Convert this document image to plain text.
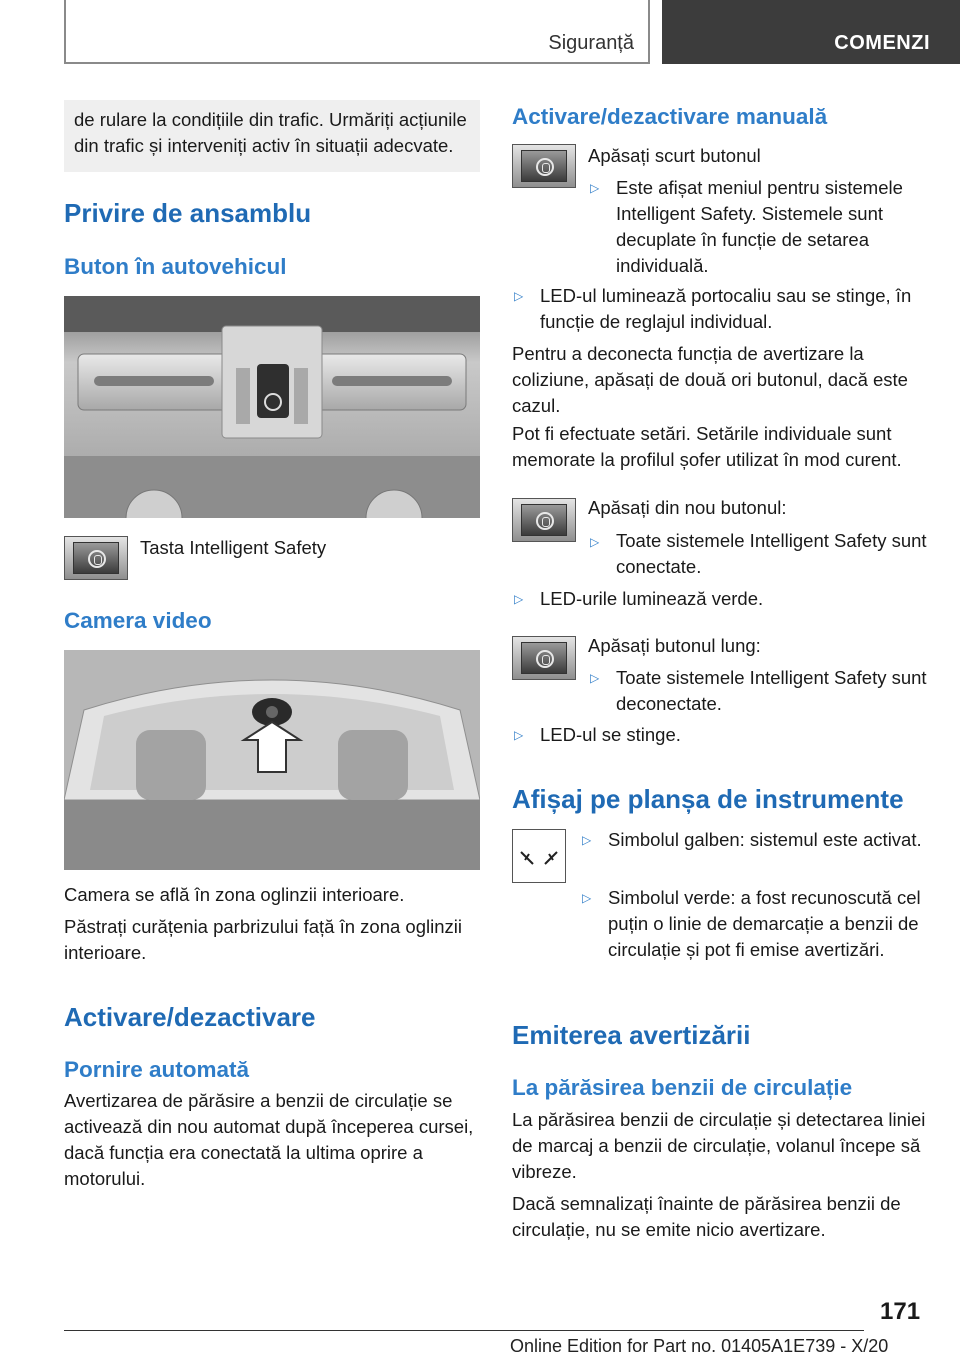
Siguranță	COMENZI
de rulare la condițiile din trafic. Urmăriți acțiunile din trafic și interveniți activ în situații adecvate.
Privire de ansamblu
Buton în autovehicul
Tasta Intelligent Safety
Camera video
Camera se află în zona oglinzii interioare.
Păstrați curățenia parbrizului față în zona oglinzii interioare.
Activare/dezactivare
Pornire automată
Avertizarea de părăsire a benzii de circulație se activează din nou automat după începerea cursei, dacă funcția era conectată la ultima oprire a motorului.
Activare/dezactivare manuală
Apăsați scurt butonul
▷ Este afișat meniul pentru sistemele Intelligent Safety. Sistemele sunt decuplate în funcție de setarea individuală.
▷ LED-ul luminează portocaliu sau se stinge, în funcție de reglajul individual.
Pentru a deconecta funcția de avertizare la coliziune, apăsați de două ori butonul, dacă este cazul.
Pot fi efectuate setări. Setările individuale sunt memorate la profilul șofer utilizat în mod curent.
Apăsați din nou butonul:
▷ Toate sistemele Intelligent Safety sunt conectate.
▷ LED-urile luminează verde.
Apăsați butonul lung:
▷ Toate sistemele Intelligent Safety sunt deconectate.
▷ LED-ul se stinge.
Afișaj pe planșa de instrumente
▷ Simbolul galben: sistemul este activat.
▷ Simbolul verde: a fost recunoscută cel puțin o linie de demarcație a benzii de circulație și pot fi emise avertizări.
Emiterea avertizării
La părăsirea benzii de circulație
La părăsirea benzii de circulație și detectarea liniei de marcaj a benzii de circulație, volanul începe să vibreze.
Dacă semnalizați înainte de părăsirea benzii de circulație, nu se emite nicio avertizare.
171
Online Edition for Part no. 01405A1E739 - X/20
